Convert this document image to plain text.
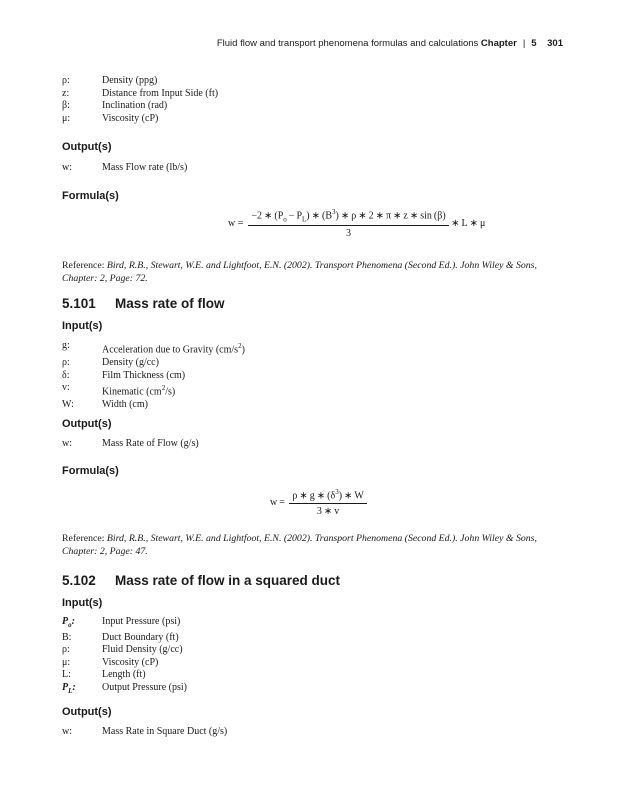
Fluid flow and transport phenomena formulas and calculations Chapter | 5 301
ρ:	Density (ppg)
z:	Distance from Input Side (ft)
β:	Inclination (rad)
μ:	Viscosity (cP)
Output(s)
w:	Mass Flow rate (lb/s)
Formula(s)
$w = \frac{-2 ∗ (P_o - P_L) ∗ (B^3) ∗ \rho ∗ 2 ∗ \pi ∗ z ∗ \sin (\beta)}{3}$ ∗ L ∗ μ
Reference: Bird, R.B., Stewart, W.E. and Lightfoot, E.N. (2002). Transport Phenomena (Second Ed.). John Wiley & Sons, Chapter: 2, Page: 72.
5.101 Mass rate of flow
Input(s)
g:	Acceleration due to Gravity $(cm/s^2)$
ρ:	Density (g/cc)
δ:	Film Thickness (cm)
v:	Kinematic $(cm^2/s)$
W:	Width (cm)
Output(s)
w:	Mass Rate of Flow (g/s)
Formula(s)
$w = \frac{\rho ∗ g ∗ (\delta^3) ∗ W}{3 ∗ v}$
Reference: Bird, R.B., Stewart, W.E. and Lightfoot, E.N. (2002). Transport Phenomena (Second Ed.). John Wiley & Sons, Chapter: 2, Page: 47.
5.102 Mass rate of flow in a squared duct
Input(s)
$P_o$:	Input Pressure (psi)
B:	Duct Boundary (ft)
ρ:	Fluid Density (g/cc)
μ:	Viscosity (cP)
L:	Length (ft)
$P_L$:	Output Pressure (psi)
Output(s)
w:	Mass Rate in Square Duct (g/s)
